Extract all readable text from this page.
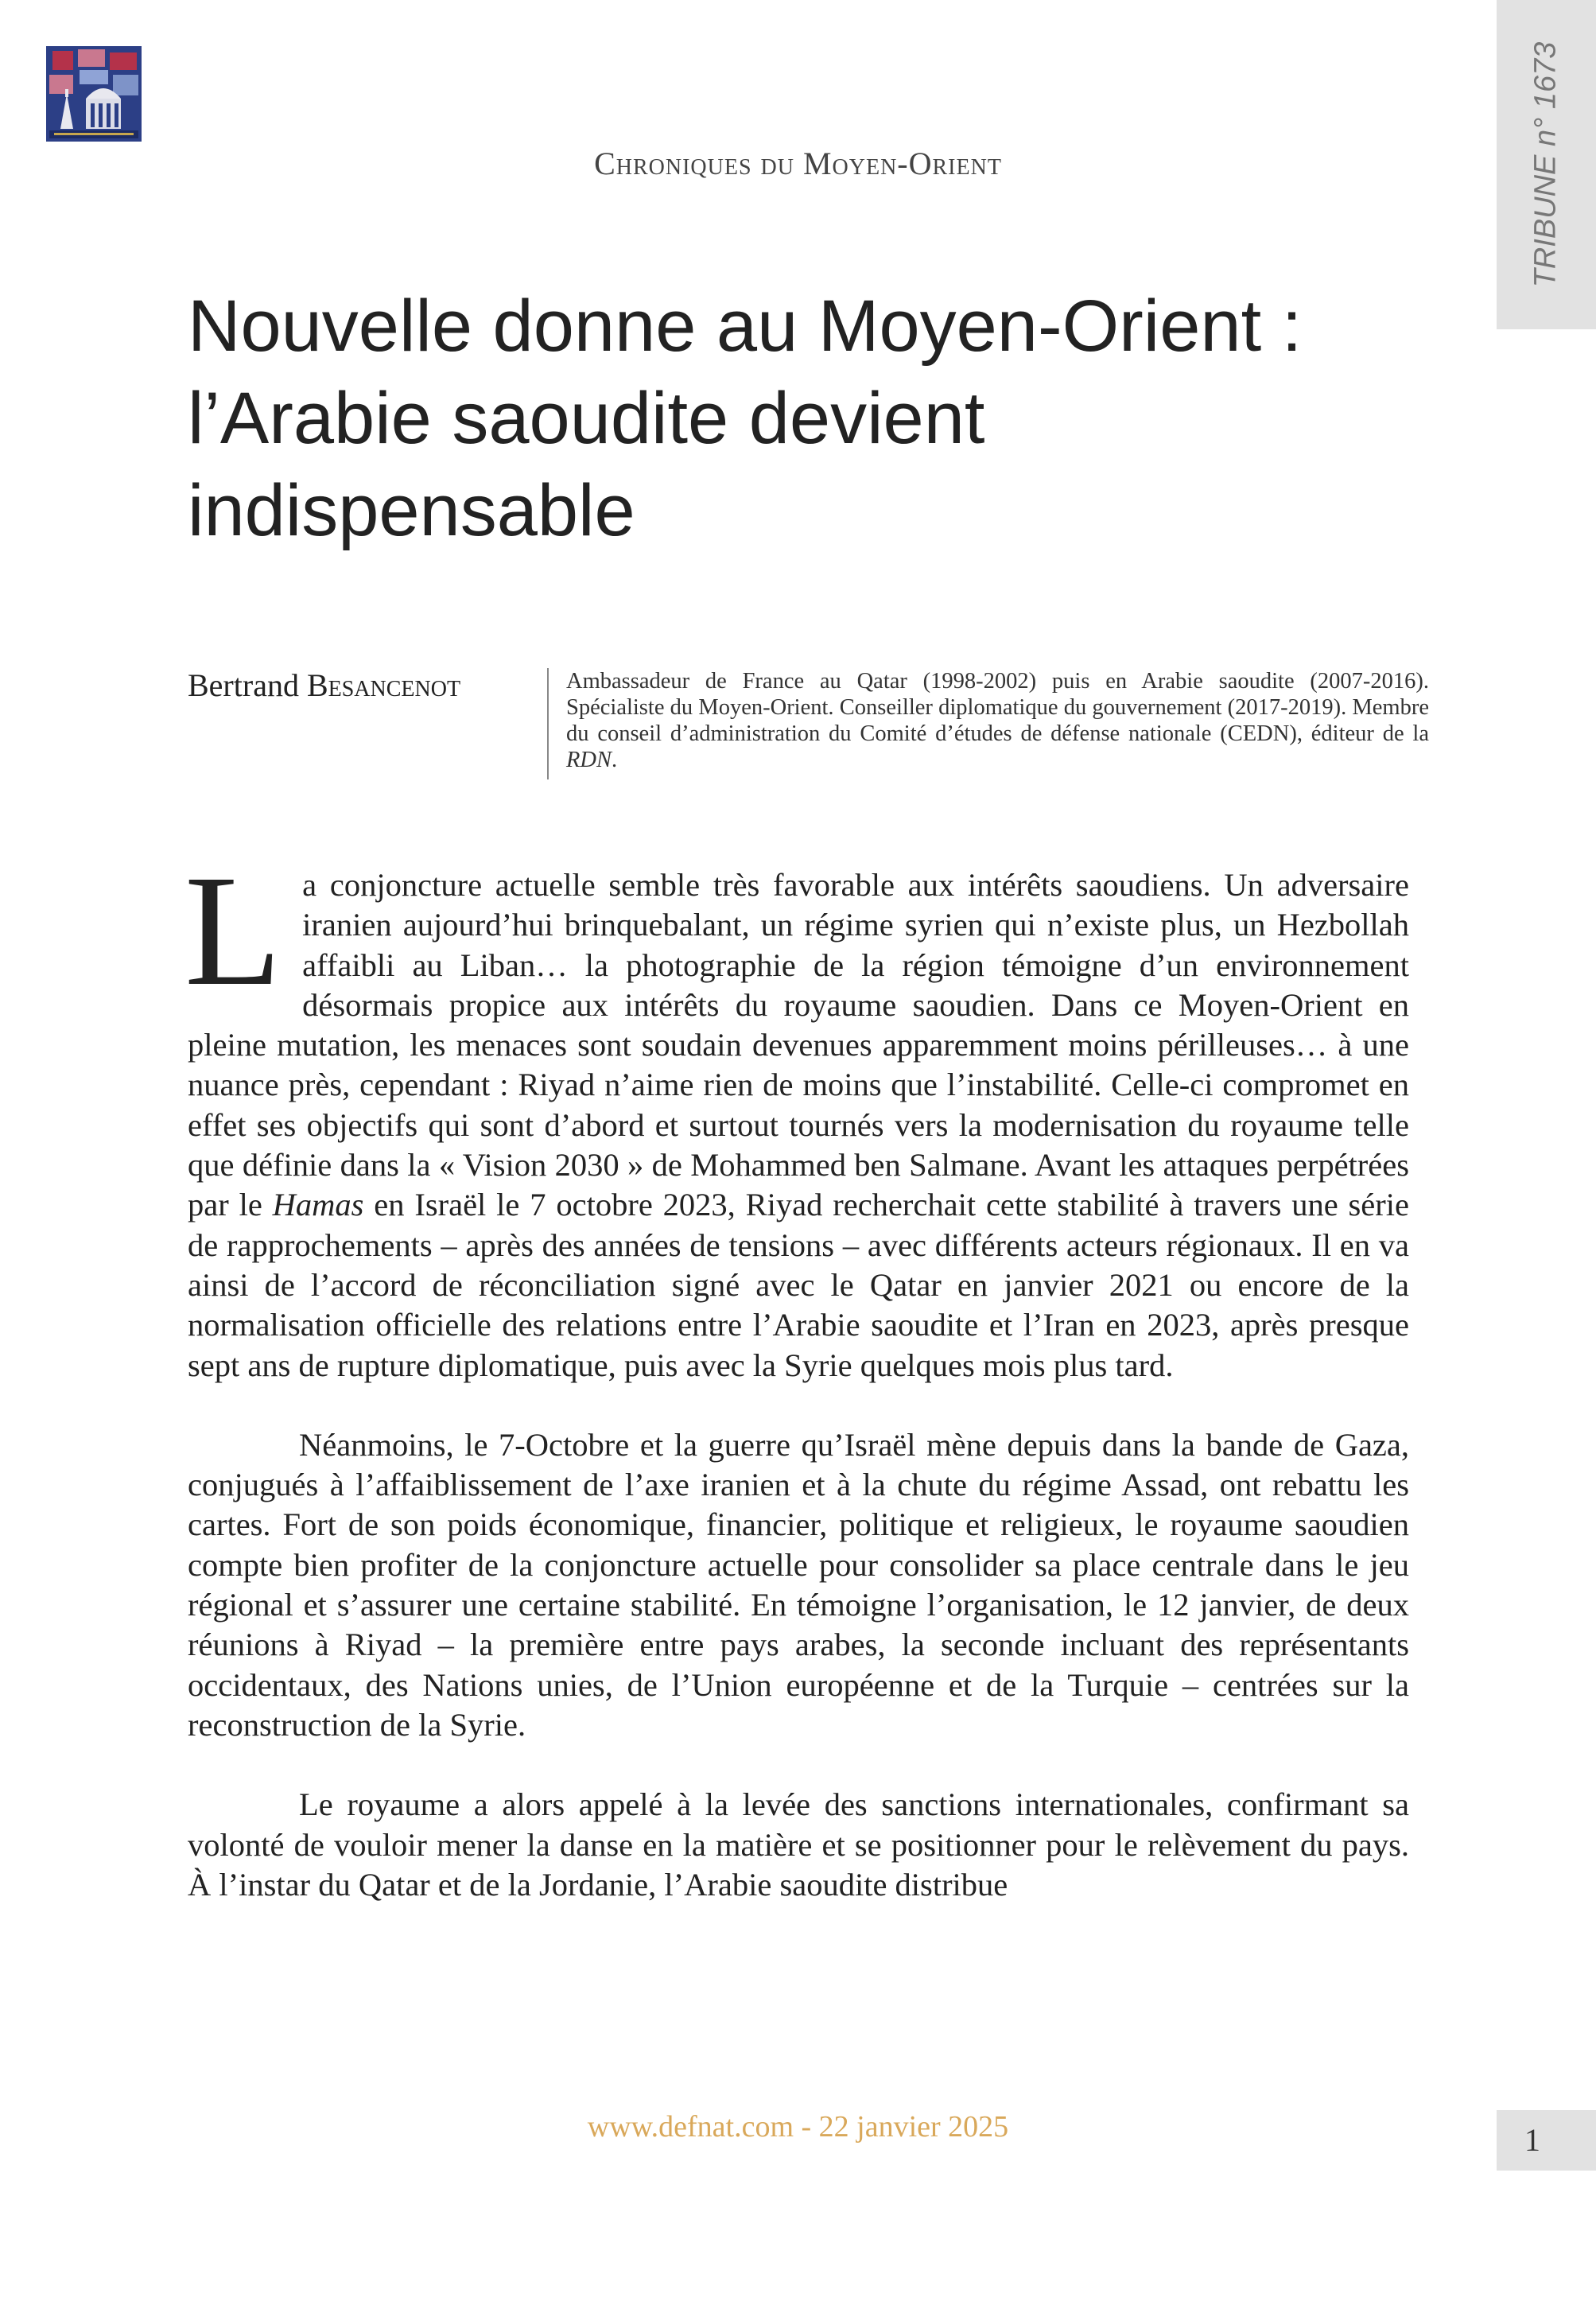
Chroniques du Moyen-Orient	TRIBUNE n° 1673
Nouvelle donne au Moyen-Orient : l’Arabie saoudite devient indispensable
Bertrand Besancenot	Ambassadeur de France au Qatar (1998-2002) puis en Arabie saoudite (2007-2016). Spécialiste du Moyen-Orient. Conseiller diplomatique du gouvernement (2017-2019). Membre du conseil d’administration du Comité d’études de défense nationale (CEDN), éditeur de la RDN.

La conjoncture actuelle semble très favorable aux intérêts saoudiens. Un adversaire iranien aujourd’hui brinquebalant, un régime syrien qui n’existe plus, un Hezbollah affaibli au Liban… la photographie de la région témoigne d’un environnement désormais propice aux intérêts du royaume saoudien. Dans ce Moyen-Orient en pleine mutation, les menaces sont soudain devenues apparemment moins périlleuses… à une nuance près, cependant : Riyad n’aime rien de moins que l’instabilité. Celle-ci compromet en effet ses objectifs qui sont d’abord et surtout tournés vers la modernisation du royaume telle que définie dans la « Vision 2030 » de Mohammed ben Salmane. Avant les attaques perpétrées par le Hamas en Israël le 7 octobre 2023, Riyad recherchait cette stabilité à travers une série de rapprochements – après des années de tensions – avec différents acteurs régionaux. Il en va ainsi de l’accord de réconciliation signé avec le Qatar en janvier 2021 ou encore de la normalisation officielle des relations entre l’Arabie saoudite et l’Iran en 2023, après presque sept ans de rupture diplomatique, puis avec la Syrie quelques mois plus tard.

Néanmoins, le 7-Octobre et la guerre qu’Israël mène depuis dans la bande de Gaza, conjugués à l’affaiblissement de l’axe iranien et à la chute du régime Assad, ont rebattu les cartes. Fort de son poids économique, financier, politique et religieux, le royaume saoudien compte bien profiter de la conjoncture actuelle pour consolider sa place centrale dans le jeu régional et s’assurer une certaine stabilité. En témoigne l’organisation, le 12 janvier, de deux réunions à Riyad – la première entre pays arabes, la seconde incluant des représentants occidentaux, des Nations unies, de l’Union européenne et de la Turquie – centrées sur la reconstruction de la Syrie.

Le royaume a alors appelé à la levée des sanctions internationales, confirmant sa volonté de vouloir mener la danse en la matière et se positionner pour le relèvement du pays. À l’instar du Qatar et de la Jordanie, l’Arabie saoudite distribue

www.defnat.com - 22 janvier 2025	1
